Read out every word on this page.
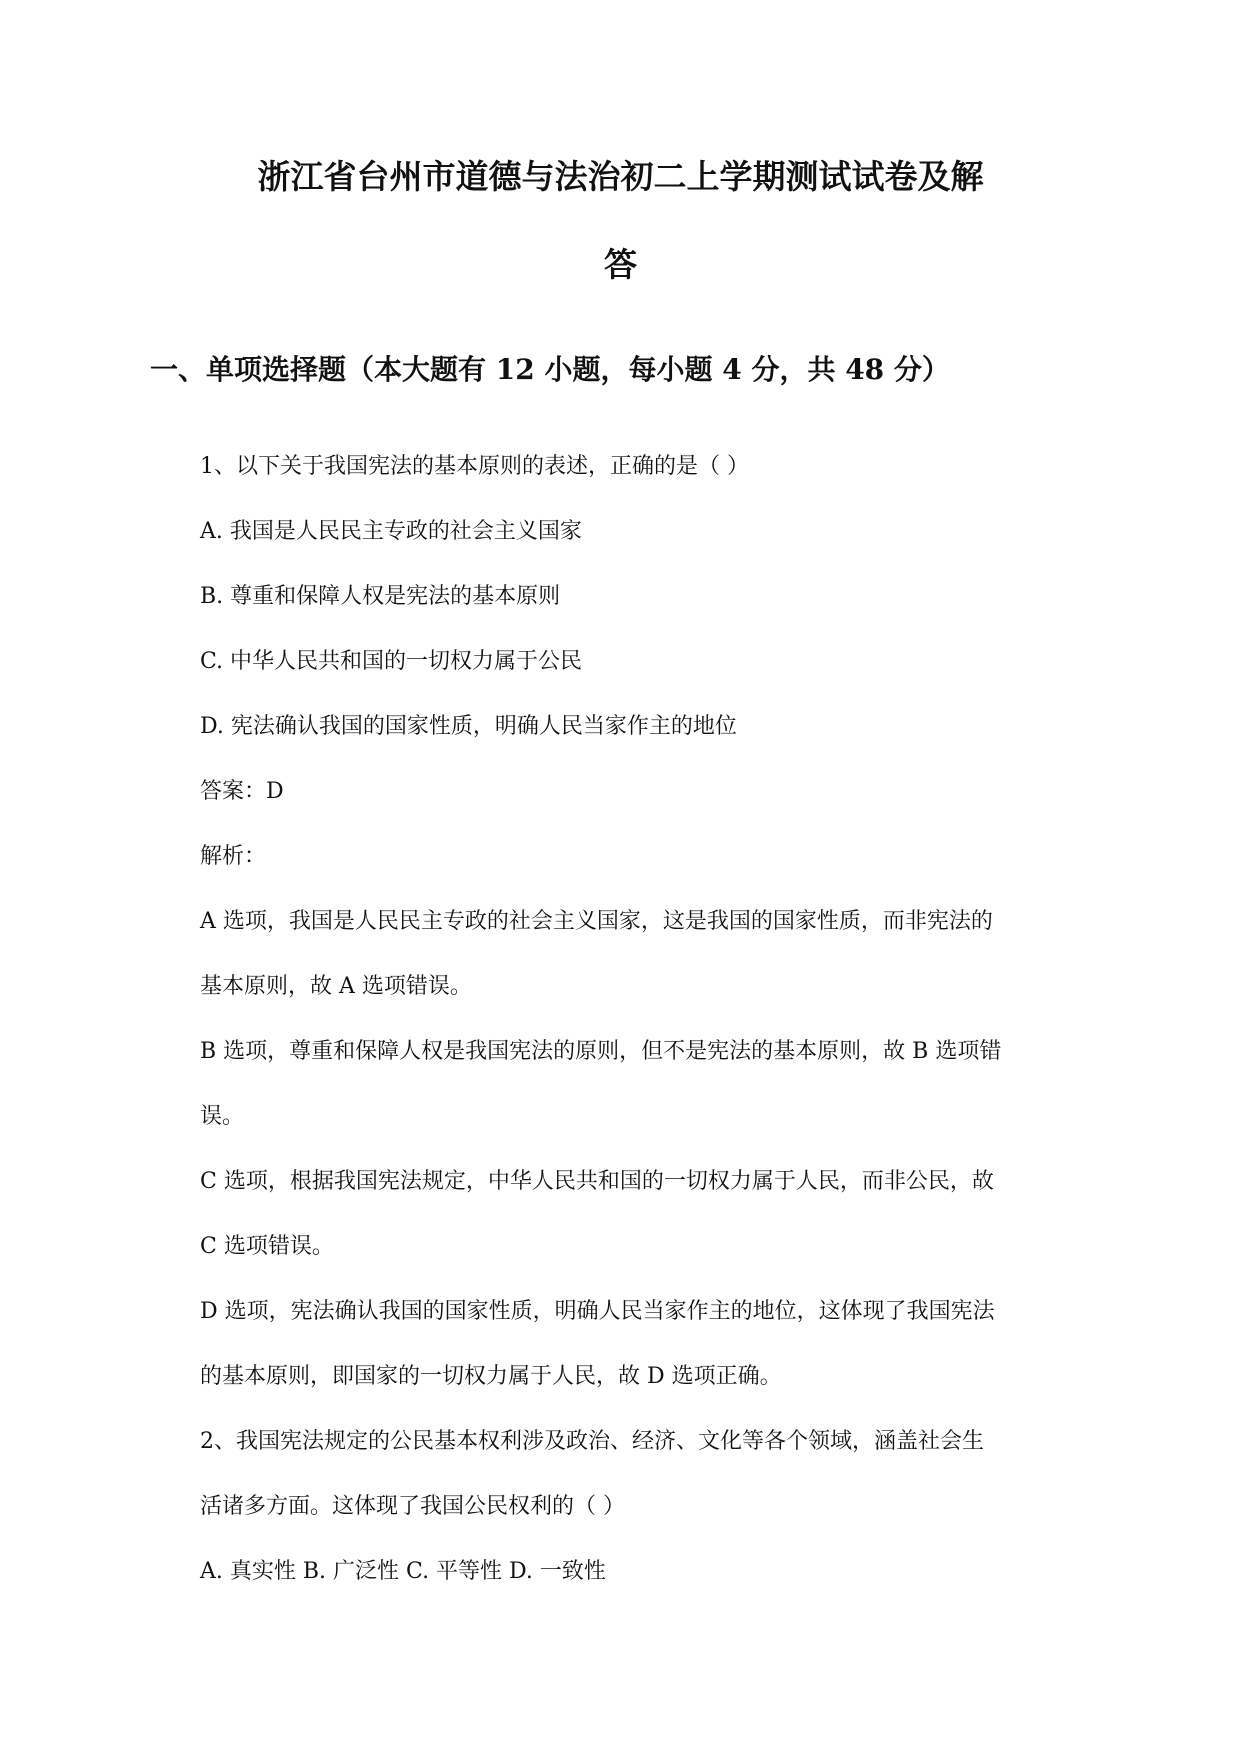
浙江省台州市道德与法治初二上学期测试试卷及解
答
一、单项选择题（本大题有 12 小题，每小题 4 分，共 48 分）

1、以下关于我国宪法的基本原则的表述，正确的是（ ）

A. 我国是人民民主专政的社会主义国家

B. 尊重和保障人权是宪法的基本原则

C. 中华人民共和国的一切权力属于公民

D. 宪法确认我国的国家性质，明确人民当家作主的地位

答案：D

解析：

A 选项，我国是人民民主专政的社会主义国家，这是我国的国家性质，而非宪法的

基本原则，故 A 选项错误。

B 选项，尊重和保障人权是我国宪法的原则，但不是宪法的基本原则，故 B 选项错

误。

C 选项，根据我国宪法规定，中华人民共和国的一切权力属于人民，而非公民，故

C 选项错误。

D 选项，宪法确认我国的国家性质，明确人民当家作主的地位，这体现了我国宪法

的基本原则，即国家的一切权力属于人民，故 D 选项正确。

2、我国宪法规定的公民基本权利涉及政治、经济、文化等各个领域，涵盖社会生

活诸多方面。这体现了我国公民权利的（ ）

A. 真实性 B. 广泛性 C. 平等性 D. 一致性
